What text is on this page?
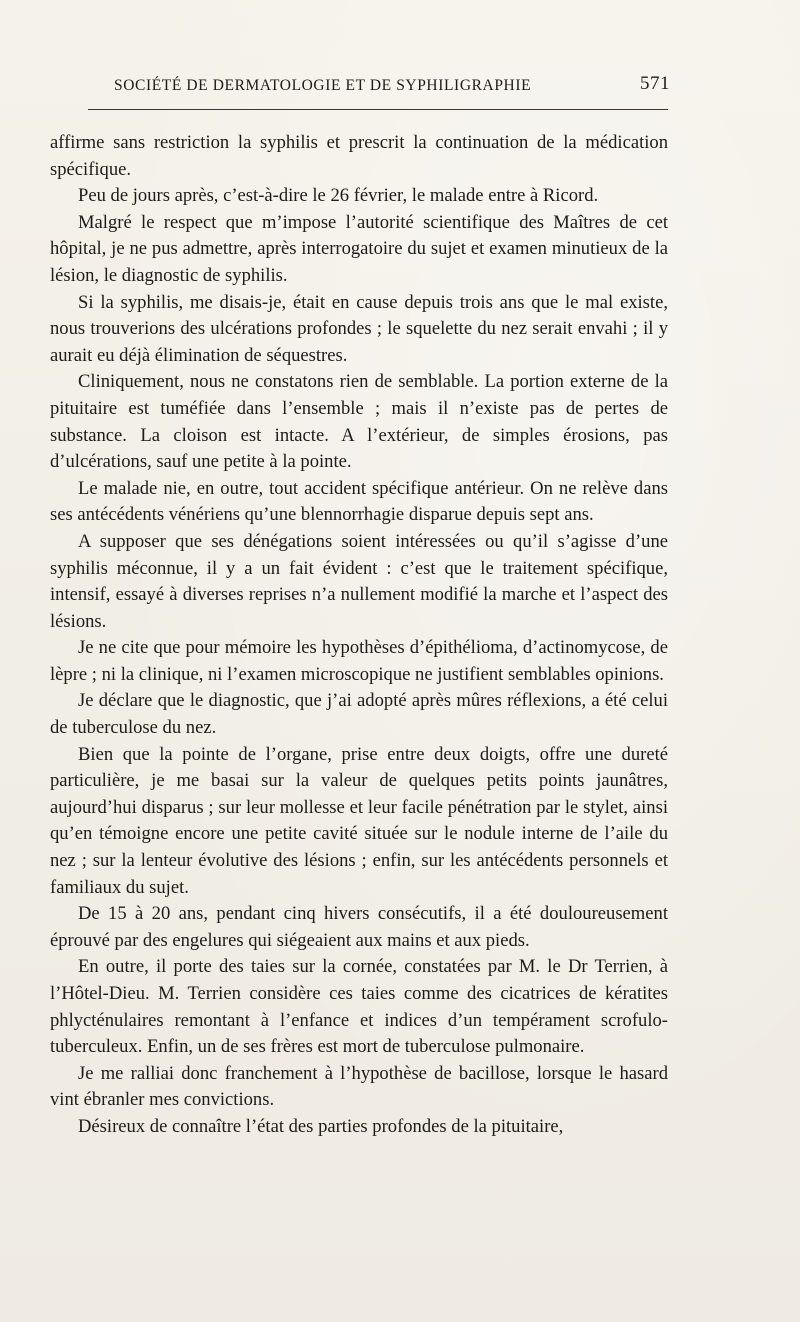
SOCIÉTÉ DE DERMATOLOGIE ET DE SYPHILIGRAPHIE	571

affirme sans restriction la syphilis et prescrit la continuation de la médication spécifique.

Peu de jours après, c’est-à-dire le 26 février, le malade entre à Ricord.

Malgré le respect que m’impose l’autorité scientifique des Maîtres de cet hôpital, je ne pus admettre, après interrogatoire du sujet et examen minutieux de la lésion, le diagnostic de syphilis.

Si la syphilis, me disais-je, était en cause depuis trois ans que le mal existe, nous trouverions des ulcérations profondes ; le squelette du nez serait envahi ; il y aurait eu déjà élimination de séquestres.

Cliniquement, nous ne constatons rien de semblable. La portion externe de la pituitaire est tuméfiée dans l’ensemble ; mais il n’existe pas de pertes de substance. La cloison est intacte. A l’extérieur, de simples érosions, pas d’ulcérations, sauf une petite à la pointe.

Le malade nie, en outre, tout accident spécifique antérieur. On ne relève dans ses antécédents vénériens qu’une blennorrhagie disparue depuis sept ans.

A supposer que ses dénégations soient intéressées ou qu’il s’agisse d’une syphilis méconnue, il y a un fait évident : c’est que le traitement spécifique, intensif, essayé à diverses reprises n’a nullement modifié la marche et l’aspect des lésions.

Je ne cite que pour mémoire les hypothèses d’épithélioma, d’actinomycose, de lèpre ; ni la clinique, ni l’examen microscopique ne justifient semblables opinions.

Je déclare que le diagnostic, que j’ai adopté après mûres réflexions, a été celui de tuberculose du nez.

Bien que la pointe de l’organe, prise entre deux doigts, offre une dureté particulière, je me basai sur la valeur de quelques petits points jaunâtres, aujourd’hui disparus ; sur leur mollesse et leur facile pénétration par le stylet, ainsi qu’en témoigne encore une petite cavité située sur le nodule interne de l’aile du nez ; sur la lenteur évolutive des lésions ; enfin, sur les antécédents personnels et familiaux du sujet.

De 15 à 20 ans, pendant cinq hivers consécutifs, il a été douloureusement éprouvé par des engelures qui siégeaient aux mains et aux pieds.

En outre, il porte des taies sur la cornée, constatées par M. le Dr Terrien, à l’Hôtel-Dieu. M. Terrien considère ces taies comme des cicatrices de kératites phlycténulaires remontant à l’enfance et indices d’un tempérament scrofulo-tuberculeux. Enfin, un de ses frères est mort de tuberculose pulmonaire.

Je me ralliai donc franchement à l’hypothèse de bacillose, lorsque le hasard vint ébranler mes convictions.

Désireux de connaître l’état des parties profondes de la pituitaire,
